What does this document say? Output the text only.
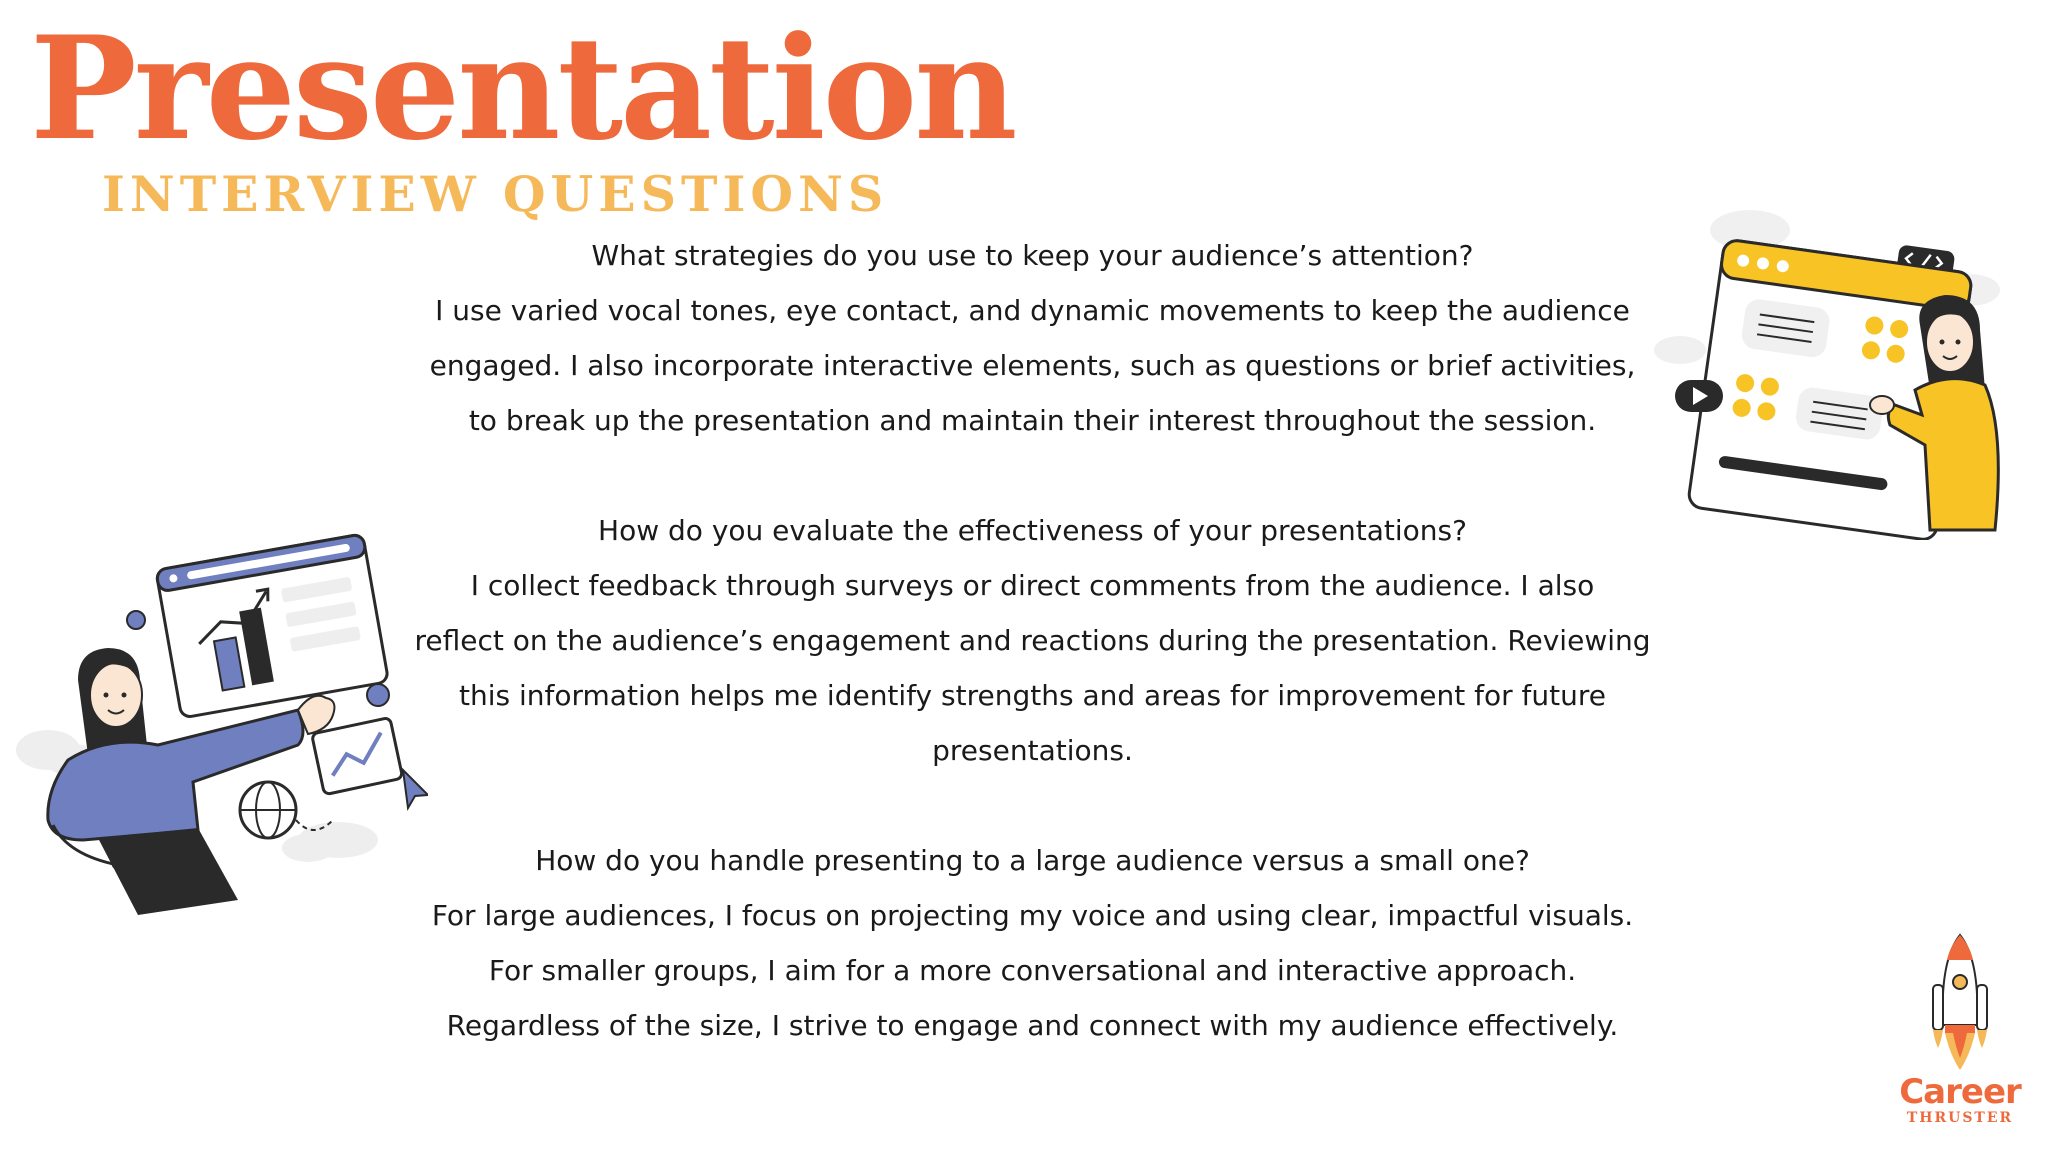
Presentation
INTERVIEW QUESTIONS

What strategies do you use to keep your audience’s attention?

I use varied vocal tones, eye contact, and dynamic movements to keep the audience

engaged. I also incorporate interactive elements, such as questions or brief activities,

to break up the presentation and maintain their interest throughout the session.

How do you evaluate the effectiveness of your presentations?

I collect feedback through surveys or direct comments from the audience. I also

reflect on the audience’s engagement and reactions during the presentation. Reviewing

this information helps me identify strengths and areas for improvement for future

presentations.

How do you handle presenting to a large audience versus a small one?

For large audiences, I focus on projecting my voice and using clear, impactful visuals.

For smaller groups, I aim for a more conversational and interactive approach.

Regardless of the size, I strive to engage and connect with my audience effectively.

Career
THRUSTER
